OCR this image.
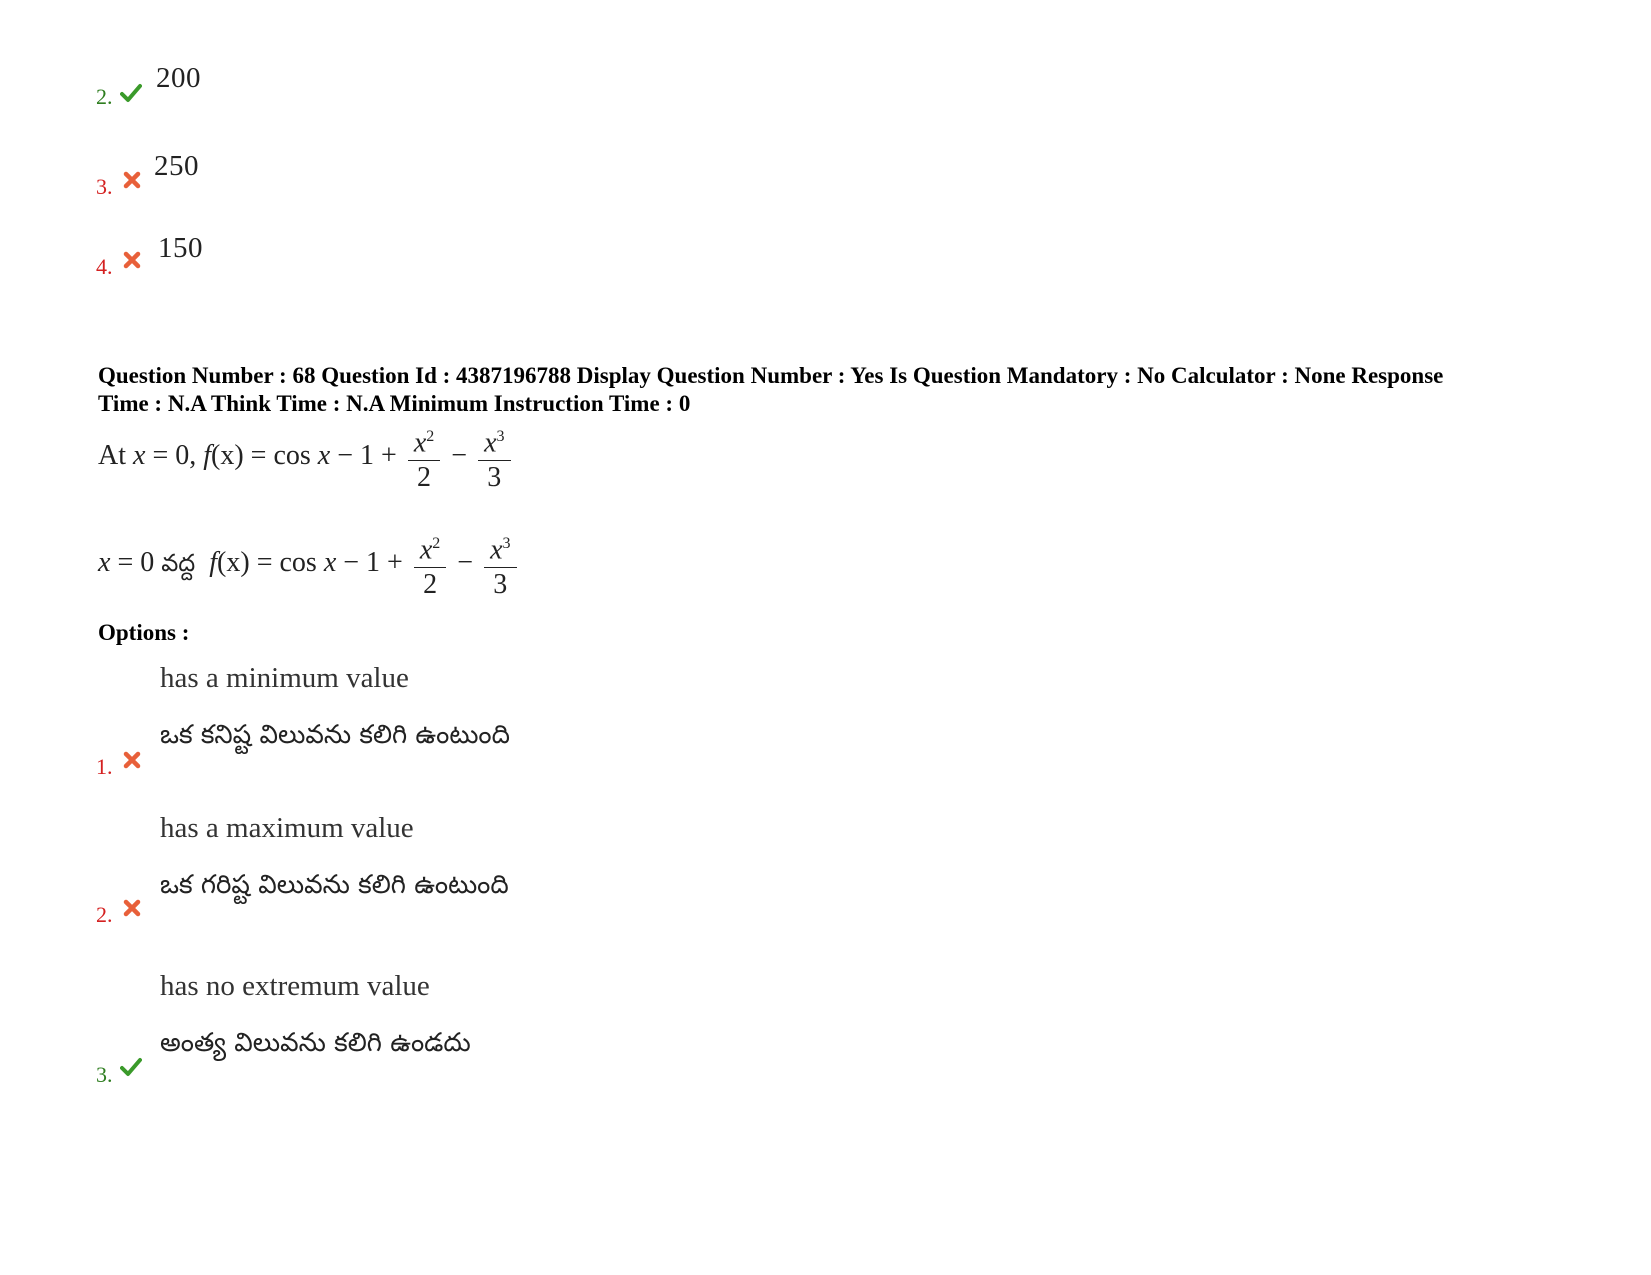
2.
200
3.
250
4.
150
Question Number : 68 Question Id : 4387196788 Display Question Number : Yes Is Question Mandatory : No Calculator : None Response
Time : N.A Think Time : N.A Minimum Instruction Time : 0
At x = 0, $f(x) = \cos x - 1 + \frac{x^2}{2} - \frac{x^3}{3}$
x = 0 వద్ద $f(x) = \cos x - 1 + \frac{x^2}{2} - \frac{x^3}{3}$
Options :
has a minimum value
ఒక కనిష్ట విలువను కలిగి ఉంటుంది
1.
has a maximum value
ఒక గరిష్ట విలువను కలిగి ఉంటుంది
2.
has no extremum value
అంత్య విలువను కలిగి ఉండదు
3.
